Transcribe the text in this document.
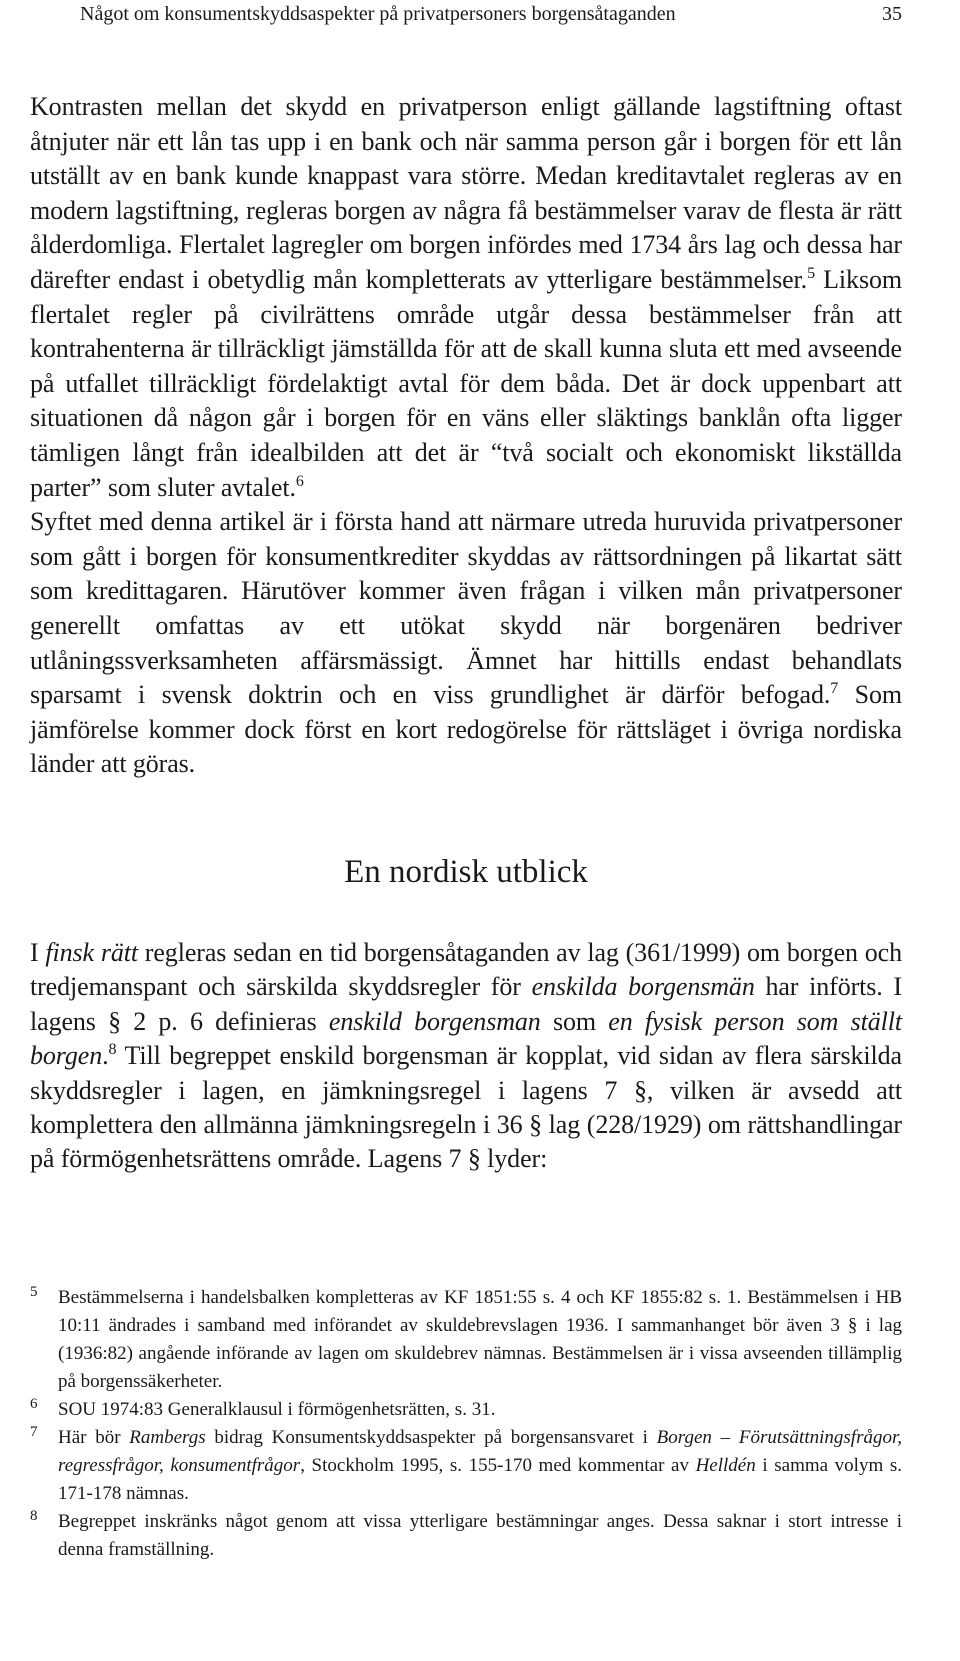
Något om konsumentskyddsaspekter på privatpersoners borgensåtaganden	35

Kontrasten mellan det skydd en privatperson enligt gällande lagstiftning oftast åtnjuter när ett lån tas upp i en bank och när samma person går i borgen för ett lån utställt av en bank kunde knappast vara större. Medan kreditavtalet regleras av en modern lagstiftning, regleras borgen av några få bestämmelser varav de flesta är rätt ålderdomliga. Flertalet lagregler om borgen infördes med 1734 års lag och dessa har därefter endast i obetydlig mån kompletterats av ytterligare bestämmelser.$^5$ Liksom flertalet regler på civilrättens område utgår dessa bestämmelser från att kontrahenterna är tillräckligt jämställda för att de skall kunna sluta ett med avseende på utfallet tillräckligt fördelaktigt avtal för dem båda. Det är dock uppenbart att situationen då någon går i borgen för en väns eller släktings banklån ofta ligger tämligen långt från idealbilden att det är “två socialt och ekonomiskt likställda parter” som sluter avtalet.$^6$

Syftet med denna artikel är i första hand att närmare utreda huruvida privatpersoner som gått i borgen för konsumentkrediter skyddas av rättsordningen på likartat sätt som kredittagaren. Härutöver kommer även frågan i vilken mån privatpersoner generellt omfattas av ett utökat skydd när borgenären bedriver utlåningssverksamheten affärsmässigt. Ämnet har hittills endast behandlats sparsamt i svensk doktrin och en viss grundlighet är därför befogad.$^7$ Som jämförelse kommer dock först en kort redogörelse för rättsläget i övriga nordiska länder att göras.

En nordisk utblick

I finsk rätt regleras sedan en tid borgensåtaganden av lag (361/1999) om borgen och tredjemanspant och särskilda skyddsregler för enskilda borgensmän har införts. I lagens § 2 p. 6 definieras enskild borgensman som en fysisk person som ställt borgen.$^8$ Till begreppet enskild borgensman är kopplat, vid sidan av flera särskilda skyddsregler i lagen, en jämkningsregel i lagens 7 §, vilken är avsedd att komplettera den allmänna jämkningsregeln i 36 § lag (228/1929) om rättshandlingar på förmögenhetsrättens område. Lagens 7 § lyder:

5 Bestämmelserna i handelsbalken kompletteras av KF 1851:55 s. 4 och KF 1855:82 s. 1. Bestämmelsen i HB 10:11 ändrades i samband med införandet av skuldebrevslagen 1936. I sammanhanget bör även 3 § i lag (1936:82) angående införande av lagen om skuldebrev nämnas. Bestämmelsen är i vissa avseenden tillämplig på borgenssäkerheter.

6 SOU 1974:83 Generalklausul i förmögenhetsrätten, s. 31.

7 Här bör Rambergs bidrag Konsumentskyddsaspekter på borgensansvaret i Borgen – Förutsättningsfrågor, regressfrågor, konsumentfrågor, Stockholm 1995, s. 155-170 med kommentar av Helldén i samma volym s. 171-178 nämnas.

8 Begreppet inskränks något genom att vissa ytterligare bestämningar anges. Dessa saknar i stort intresse i denna framställning.
